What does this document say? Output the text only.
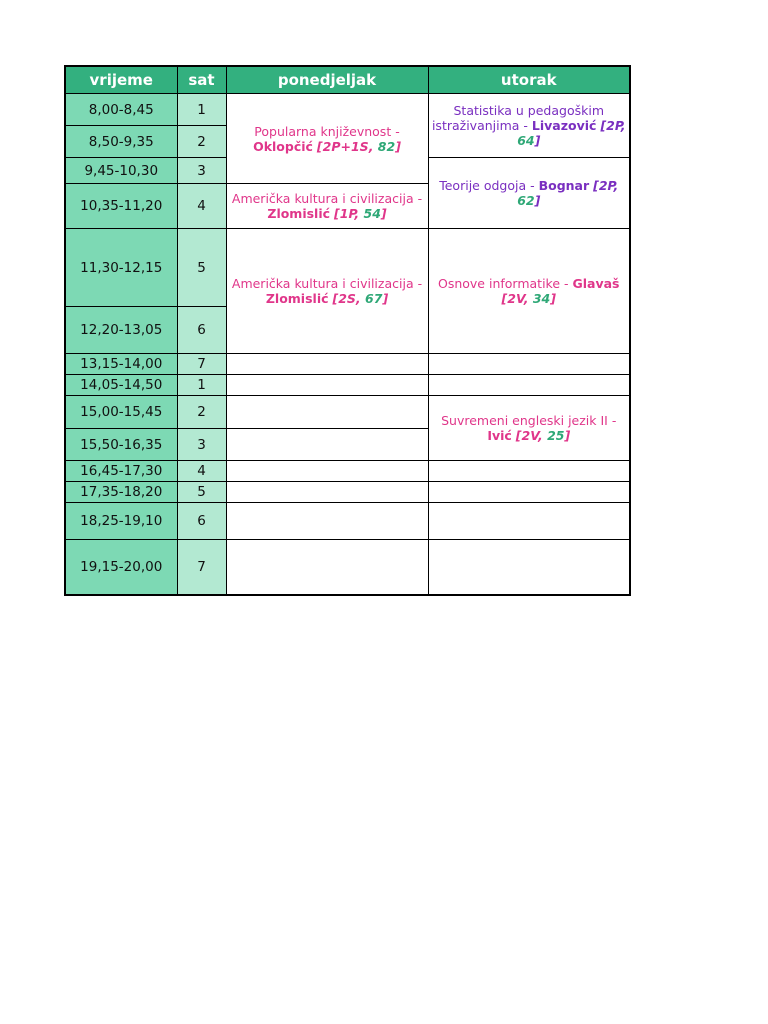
vrijeme	sat	ponedjeljak	utorak
8,00-8,45	1	Popularna književnost - Oklopčić [2P+1S, 82]	Statistika u pedagoškim istraživanjima - Livazović [2P, 64]
8,50-9,35	2		
9,45-10,30	3		Teorije odgoja - Bognar [2P, 62]
10,35-11,20	4	Američka kultura i civilizacija - Zlomislić [1P, 54]	
11,30-12,15	5	Američka kultura i civilizacija - Zlomislić [2S, 67]	Osnove informatike - Glavaš [2V, 34]
12,20-13,05	6		
13,15-14,00	7		
14,05-14,50	1		
15,00-15,45	2		Suvremeni engleski jezik II - Ivić [2V, 25]
15,50-16,35	3		
16,45-17,30	4		
17,35-18,20	5		
18,25-19,10	6		
19,15-20,00	7		
